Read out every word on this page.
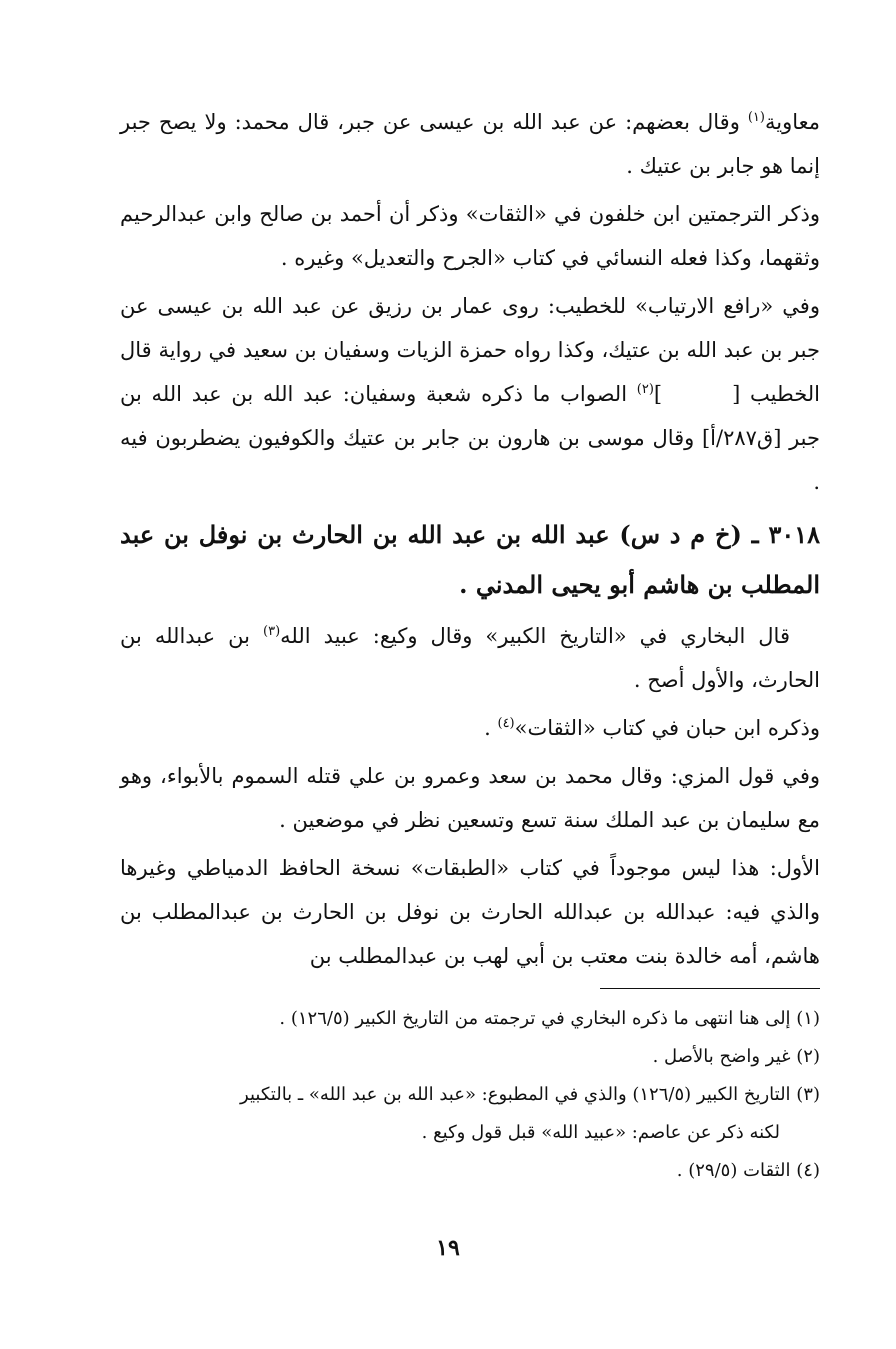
معاوية$^{(١)}$ وقال بعضهم: عن عبد الله بن عيسى عن جبر، قال محمد: ولا يصح جبر إنما هو جابر بن عتيك .

وذكر الترجمتين ابن خلفون في «الثقات» وذكر أن أحمد بن صالح وابن عبدالرحيم وثقهما، وكذا فعله النسائي في كتاب «الجرح والتعديل» وغيره .

وفي «رافع الارتياب» للخطيب: روى عمار بن رزيق عن عبد الله بن عيسى عن جبر بن عبد الله بن عتيك، وكذا رواه حمزة الزيات وسفيان بن سعيد في رواية قال الخطيب []$^{(٢)}$ الصواب ما ذكره شعبة وسفيان: عبد الله بن عبد الله بن جبر [ق٢٨٧/أ] وقال موسى بن هارون بن جابر بن عتيك والكوفيون يضطربون فيه .

٣٠١٨ ـ (خ م د س) عبد الله بن عبد الله بن الحارث بن نوفل بن عبد المطلب بن هاشم أبو يحيى المدني .

قال البخاري في «التاريخ الكبير» وقال وكيع: عبيد الله$^{(٣)}$ بن عبدالله بن الحارث، والأول أصح .

وذكره ابن حبان في كتاب «الثقات»$^{(٤)}$ .

وفي قول المزي: وقال محمد بن سعد وعمرو بن علي قتله السموم بالأبواء، وهو مع سليمان بن عبد الملك سنة تسع وتسعين نظر في موضعين .

الأول: هذا ليس موجوداً في كتاب «الطبقات» نسخة الحافظ الدمياطي وغيرها والذي فيه: عبدالله بن عبدالله الحارث بن نوفل بن الحارث بن عبدالمطلب بن هاشم، أمه خالدة بنت معتب بن أبي لهب بن عبدالمطلب بن

(١) إلى هنا انتهى ما ذكره البخاري في ترجمته من التاريخ الكبير (١٢٦/٥) .

(٢) غير واضح بالأصل .

(٣) التاريخ الكبير (١٢٦/٥) والذي في المطبوع: «عبد الله بن عبد الله» ـ بالتكبير

لكنه ذكر عن عاصم: «عبيد الله» قبل قول وكيع .

(٤) الثقات (٢٩/٥) .

١٩
